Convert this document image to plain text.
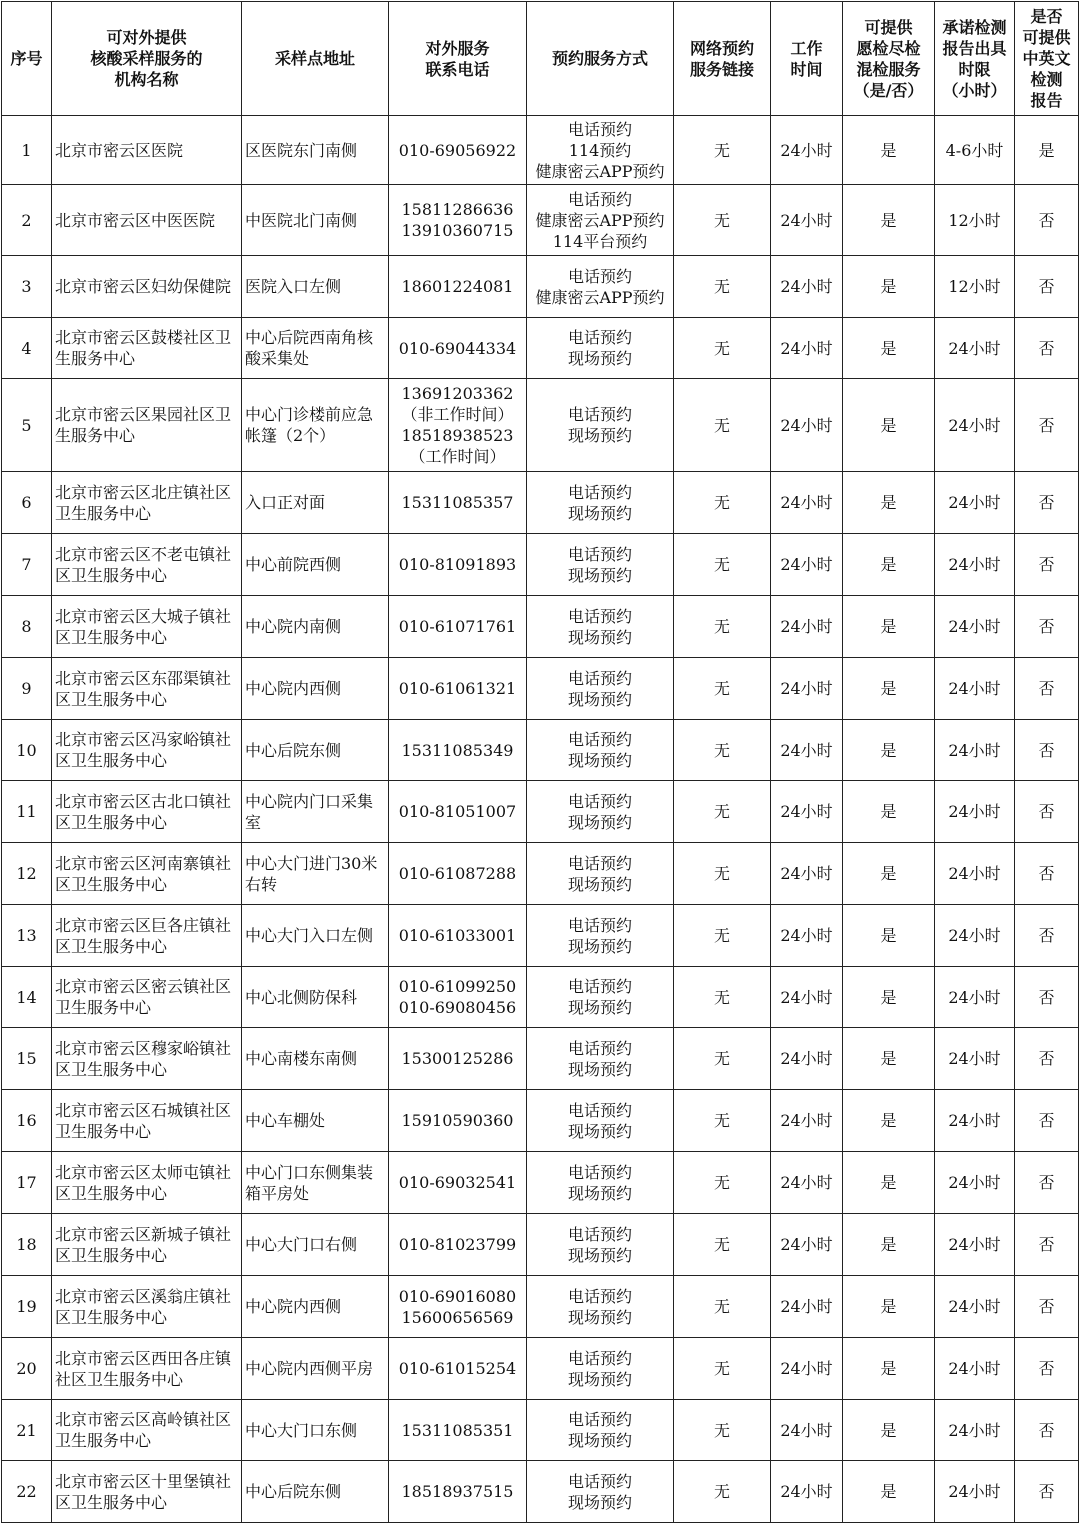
序号	可对外提供
核酸采样服务的
机构名称	采样点地址	对外服务
联系电话	预约服务方式	网络预约
服务链接	工作
时间	可提供
愿检尽检
混检服务
（是/否）	承诺检测
报告出具
时限
（小时）	是否
可提供
中英文
检测
报告

1	北京市密云区医院	区医院东门南侧	010-69056922	电话预约
114预约
健康密云APP预约	无	24小时	是	4-6小时	是

2	北京市密云区中医医院	中医院北门南侧	15811286636
13910360715	电话预约
健康密云APP预约
114平台预约	无	24小时	是	12小时	否

3	北京市密云区妇幼保健院	医院入口左侧	18601224081	电话预约
健康密云APP预约	无	24小时	是	12小时	否

4	北京市密云区鼓楼社区卫生服务中心	中心后院西南角核酸采集处	010-69044334	电话预约
现场预约	无	24小时	是	24小时	否

5	北京市密云区果园社区卫生服务中心	中心门诊楼前应急帐篷（2个）	13691203362
（非工作时间）
18518938523
（工作时间）	电话预约
现场预约	无	24小时	是	24小时	否

6	北京市密云区北庄镇社区卫生服务中心	入口正对面	15311085357	电话预约
现场预约	无	24小时	是	24小时	否

7	北京市密云区不老屯镇社区卫生服务中心	中心前院西侧	010-81091893	电话预约
现场预约	无	24小时	是	24小时	否

8	北京市密云区大城子镇社区卫生服务中心	中心院内南侧	010-61071761	电话预约
现场预约	无	24小时	是	24小时	否

9	北京市密云区东邵渠镇社区卫生服务中心	中心院内西侧	010-61061321	电话预约
现场预约	无	24小时	是	24小时	否

10	北京市密云区冯家峪镇社区卫生服务中心	中心后院东侧	15311085349	电话预约
现场预约	无	24小时	是	24小时	否

11	北京市密云区古北口镇社区卫生服务中心	中心院内门口采集室	010-81051007	电话预约
现场预约	无	24小时	是	24小时	否

12	北京市密云区河南寨镇社区卫生服务中心	中心大门进门30米右转	010-61087288	电话预约
现场预约	无	24小时	是	24小时	否

13	北京市密云区巨各庄镇社区卫生服务中心	中心大门入口左侧	010-61033001	电话预约
现场预约	无	24小时	是	24小时	否

14	北京市密云区密云镇社区卫生服务中心	中心北侧防保科	010-61099250
010-69080456	电话预约
现场预约	无	24小时	是	24小时	否

15	北京市密云区穆家峪镇社区卫生服务中心	中心南楼东南侧	15300125286	电话预约
现场预约	无	24小时	是	24小时	否

16	北京市密云区石城镇社区卫生服务中心	中心车棚处	15910590360	电话预约
现场预约	无	24小时	是	24小时	否

17	北京市密云区太师屯镇社区卫生服务中心	中心门口东侧集装箱平房处	010-69032541	电话预约
现场预约	无	24小时	是	24小时	否

18	北京市密云区新城子镇社区卫生服务中心	中心大门口右侧	010-81023799	电话预约
现场预约	无	24小时	是	24小时	否

19	北京市密云区溪翁庄镇社区卫生服务中心	中心院内西侧	010-69016080
15600656569	电话预约
现场预约	无	24小时	是	24小时	否

20	北京市密云区西田各庄镇社区卫生服务中心	中心院内西侧平房	010-61015254	电话预约
现场预约	无	24小时	是	24小时	否

21	北京市密云区高岭镇社区卫生服务中心	中心大门口东侧	15311085351	电话预约
现场预约	无	24小时	是	24小时	否

22	北京市密云区十里堡镇社区卫生服务中心	中心后院东侧	18518937515	电话预约
现场预约	无	24小时	是	24小时	否
